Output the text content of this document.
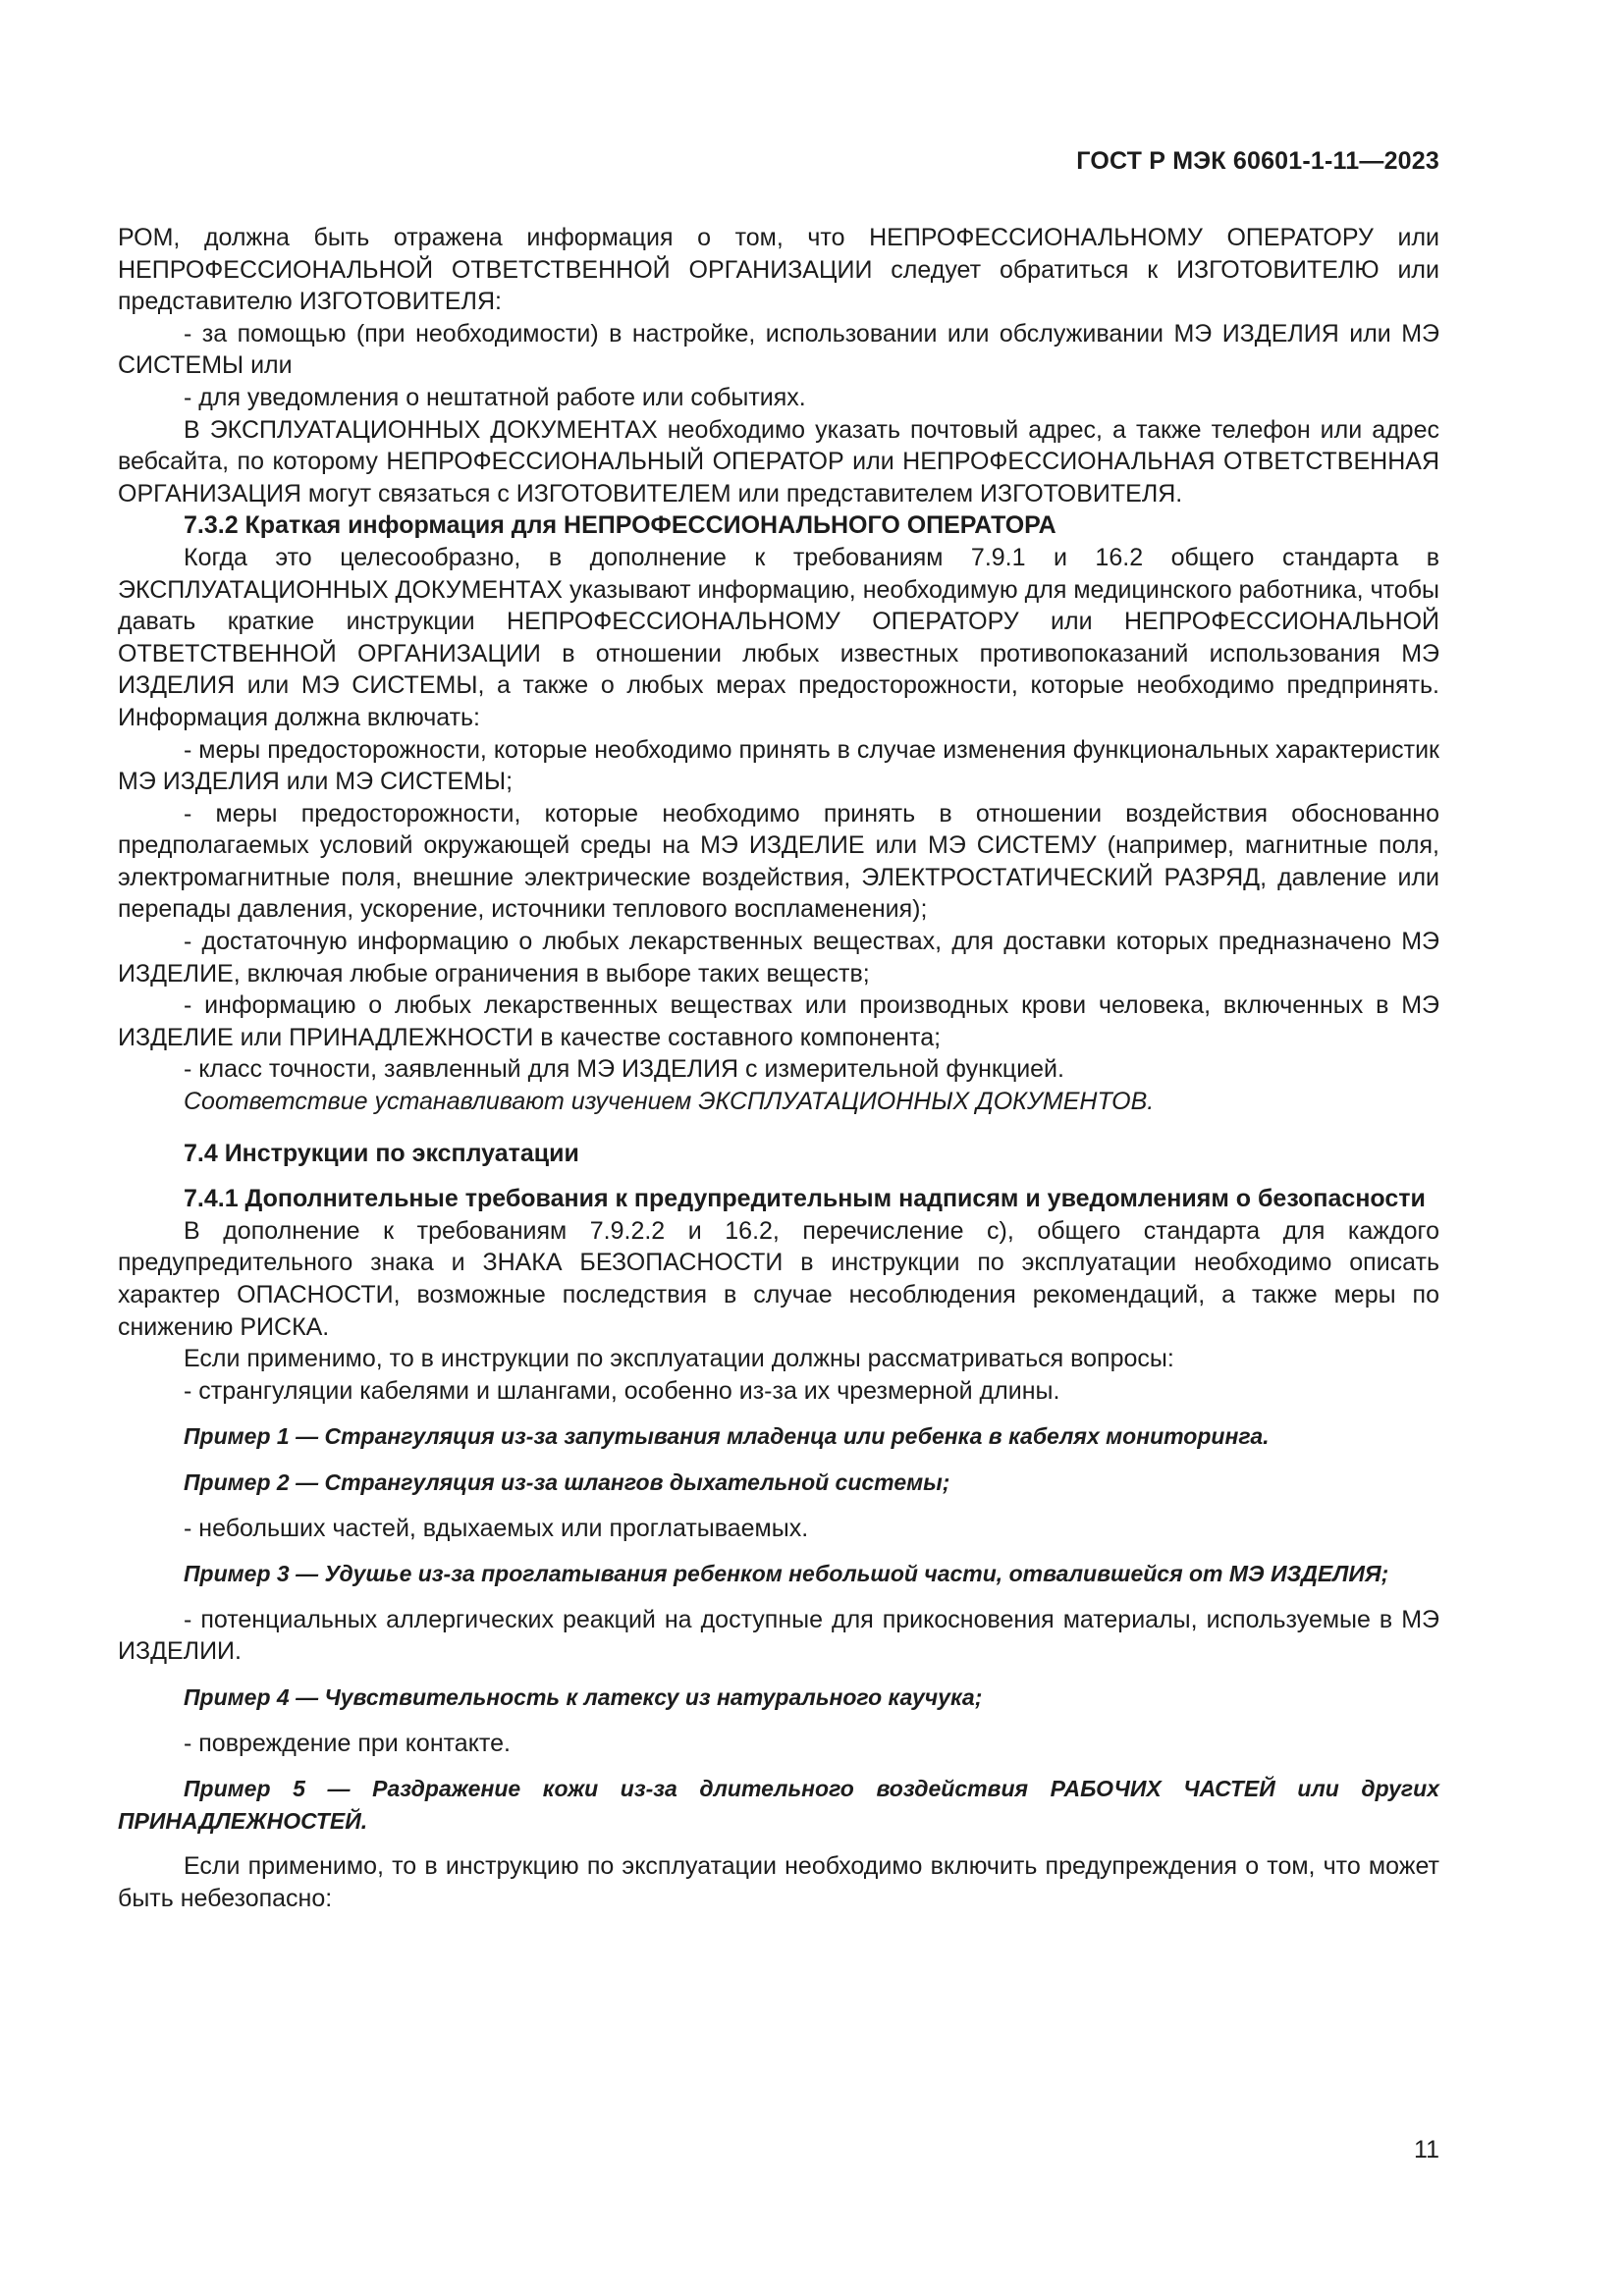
ГОСТ Р МЭК 60601-1-11—2023

РОМ, должна быть отражена информация о том, что НЕПРОФЕССИОНАЛЬНОМУ ОПЕРАТОРУ или НЕПРОФЕССИОНАЛЬНОЙ ОТВЕТСТВЕННОЙ ОРГАНИЗАЦИИ следует обратиться к ИЗГОТОВИТЕЛЮ или представителю ИЗГОТОВИТЕЛЯ:

- за помощью (при необходимости) в настройке, использовании или обслуживании МЭ ИЗДЕЛИЯ или МЭ СИСТЕМЫ или

- для уведомления о нештатной работе или событиях.

В ЭКСПЛУАТАЦИОННЫХ ДОКУМЕНТАХ необходимо указать почтовый адрес, а также телефон или адрес вебсайта, по которому НЕПРОФЕССИОНАЛЬНЫЙ ОПЕРАТОР или НЕПРОФЕССИОНАЛЬНАЯ ОТВЕТСТВЕННАЯ ОРГАНИЗАЦИЯ могут связаться с ИЗГОТОВИТЕЛЕМ или представителем ИЗГОТОВИТЕЛЯ.

7.3.2 Краткая информация для НЕПРОФЕССИОНАЛЬНОГО ОПЕРАТОРА

Когда это целесообразно, в дополнение к требованиям 7.9.1 и 16.2 общего стандарта в ЭКСПЛУАТАЦИОННЫХ ДОКУМЕНТАХ указывают информацию, необходимую для медицинского работника, чтобы давать краткие инструкции НЕПРОФЕССИОНАЛЬНОМУ ОПЕРАТОРУ или НЕПРОФЕССИОНАЛЬНОЙ ОТВЕТСТВЕННОЙ ОРГАНИЗАЦИИ в отношении любых известных противопоказаний использования МЭ ИЗДЕЛИЯ или МЭ СИСТЕМЫ, а также о любых мерах предосторожности, которые необходимо предпринять. Информация должна включать:

- меры предосторожности, которые необходимо принять в случае изменения функциональных характеристик МЭ ИЗДЕЛИЯ или МЭ СИСТЕМЫ;

- меры предосторожности, которые необходимо принять в отношении воздействия обоснованно предполагаемых условий окружающей среды на МЭ ИЗДЕЛИЕ или МЭ СИСТЕМУ (например, магнитные поля, электромагнитные поля, внешние электрические воздействия, ЭЛЕКТРОСТАТИЧЕСКИЙ РАЗРЯД, давление или перепады давления, ускорение, источники теплового воспламенения);

- достаточную информацию о любых лекарственных веществах, для доставки которых предназначено МЭ ИЗДЕЛИЕ, включая любые ограничения в выборе таких веществ;

- информацию о любых лекарственных веществах или производных крови человека, включенных в МЭ ИЗДЕЛИЕ или ПРИНАДЛЕЖНОСТИ в качестве составного компонента;

- класс точности, заявленный для МЭ ИЗДЕЛИЯ с измерительной функцией.

Соответствие устанавливают изучением ЭКСПЛУАТАЦИОННЫХ ДОКУМЕНТОВ.

7.4 Инструкции по эксплуатации

7.4.1 Дополнительные требования к предупредительным надписям и уведомлениям о безопасности

В дополнение к требованиям 7.9.2.2 и 16.2, перечисление с), общего стандарта для каждого предупредительного знака и ЗНАКА БЕЗОПАСНОСТИ в инструкции по эксплуатации необходимо описать характер ОПАСНОСТИ, возможные последствия в случае несоблюдения рекомендаций, а также меры по снижению РИСКА.

Если применимо, то в инструкции по эксплуатации должны рассматриваться вопросы:

- странгуляции кабелями и шлангами, особенно из-за их чрезмерной длины.

Пример 1 — Странгуляция из-за запутывания младенца или ребенка в кабелях мониторинга.

Пример 2 — Странгуляция из-за шлангов дыхательной системы;

- небольших частей, вдыхаемых или проглатываемых.

Пример 3 — Удушье из-за проглатывания ребенком небольшой части, отвалившейся от МЭ ИЗДЕЛИЯ;

- потенциальных аллергических реакций на доступные для прикосновения материалы, используемые в МЭ ИЗДЕЛИИ.

Пример 4 — Чувствительность к латексу из натурального каучука;

- повреждение при контакте.

Пример 5 — Раздражение кожи из-за длительного воздействия РАБОЧИХ ЧАСТЕЙ или других ПРИНАДЛЕЖНОСТЕЙ.

Если применимо, то в инструкцию по эксплуатации необходимо включить предупреждения о том, что может быть небезопасно:

11
